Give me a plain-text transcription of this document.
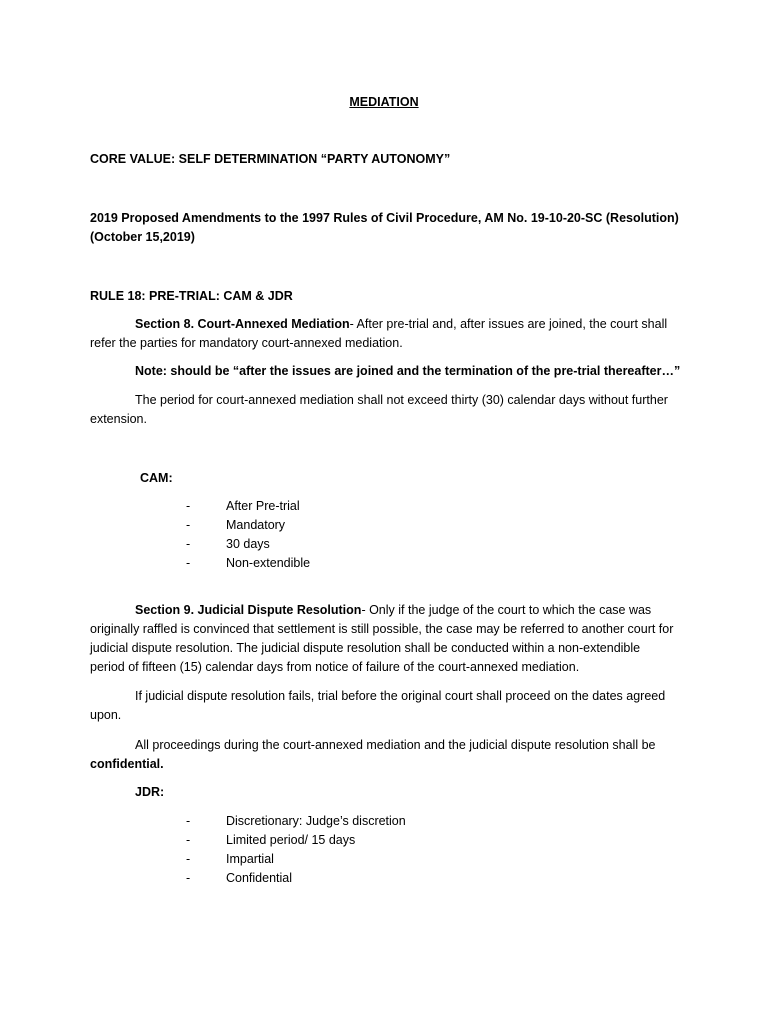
MEDIATION
CORE VALUE: SELF DETERMINATION “PARTY AUTONOMY”
2019 Proposed Amendments to the 1997 Rules of Civil Procedure, AM No. 19-10-20-SC (Resolution)
(October 15,2019)
RULE 18: PRE-TRIAL: CAM & JDR
Section 8. Court-Annexed Mediation- After pre-trial and, after issues are joined, the court shall refer the parties for mandatory court-annexed mediation.
Note: should be “after the issues are joined and the termination of the pre-trial thereafter…”
The period for court-annexed mediation shall not exceed thirty (30) calendar days without further extension.
CAM:
-	After Pre-trial
-	Mandatory
-	30 days
-	Non-extendible
Section 9. Judicial Dispute Resolution- Only if the judge of the court to which the case was originally raffled is convinced that settlement is still possible, the case may be referred to another court for judicial dispute resolution. The judicial dispute resolution shall be conducted within a non-extendible period of fifteen (15) calendar days from notice of failure of the court-annexed mediation.
If judicial dispute resolution fails, trial before the original court shall proceed on the dates agreed upon.
All proceedings during the court-annexed mediation and the judicial dispute resolution shall be confidential.
JDR:
-	Discretionary: Judge’s discretion
-	Limited period/ 15 days
-	Impartial
-	Confidential
